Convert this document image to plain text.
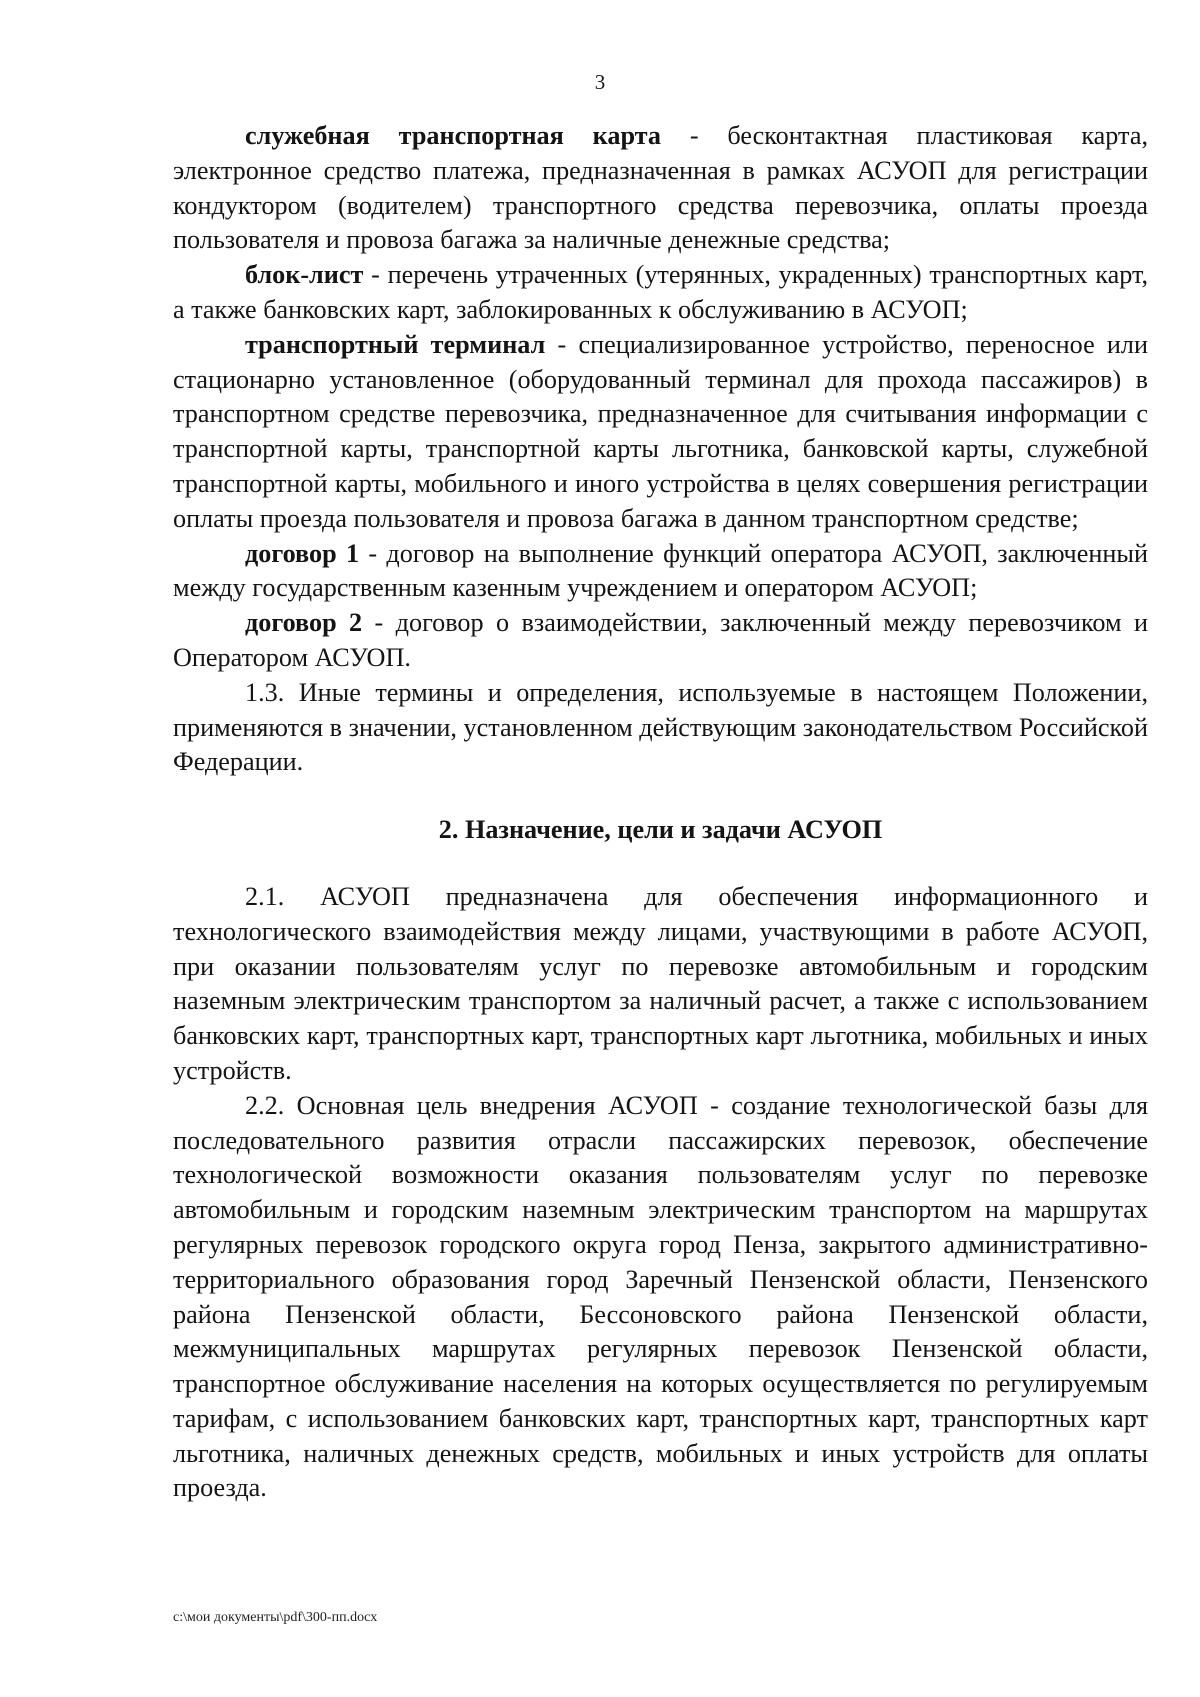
3

служебная транспортная карта - бесконтактная пластиковая карта, электронное средство платежа, предназначенная в рамках АСУОП для регистрации кондуктором (водителем) транспортного средства перевозчика, оплаты проезда пользователя и провоза багажа за наличные денежные средства;

блок-лист - перечень утраченных (утерянных, украденных) транспортных карт, а также банковских карт, заблокированных к обслуживанию в АСУОП;

транспортный терминал - специализированное устройство, переносное или стационарно установленное (оборудованный терминал для прохода пассажиров) в транспортном средстве перевозчика, предназначенное для считывания информации с транспортной карты, транспортной карты льготника, банковской карты, служебной транспортной карты, мобильного и иного устройства в целях совершения регистрации оплаты проезда пользователя и провоза багажа в данном транспортном средстве;

договор 1 - договор на выполнение функций оператора АСУОП, заключенный между государственным казенным учреждением и оператором АСУОП;

договор 2 - договор о взаимодействии, заключенный между перевозчиком и Оператором АСУОП.

1.3. Иные термины и определения, используемые в настоящем Положении, применяются в значении, установленном действующим законодательством Российской Федерации.

2. Назначение, цели и задачи АСУОП

2.1. АСУОП предназначена для обеспечения информационного и технологического взаимодействия между лицами, участвующими в работе АСУОП, при оказании пользователям услуг по перевозке автомобильным и городским наземным электрическим транспортом за наличный расчет, а также с использованием банковских карт, транспортных карт, транспортных карт льготника, мобильных и иных устройств.

2.2. Основная цель внедрения АСУОП - создание технологической базы для последовательного развития отрасли пассажирских перевозок, обеспечение технологической возможности оказания пользователям услуг по перевозке автомобильным и городским наземным электрическим транспортом на маршрутах регулярных перевозок городского округа город Пенза, закрытого административно-территориального образования город Заречный Пензенской области, Пензенского района Пензенской области, Бессоновского района Пензенской области, межмуниципальных маршрутах регулярных перевозок Пензенской области, транспортное обслуживание населения на которых осуществляется по регулируемым тарифам, с использованием банковских карт, транспортных карт, транспортных карт льготника, наличных денежных средств, мобильных и иных устройств для оплаты проезда.

c:\мои документы\pdf\300-пп.docx
